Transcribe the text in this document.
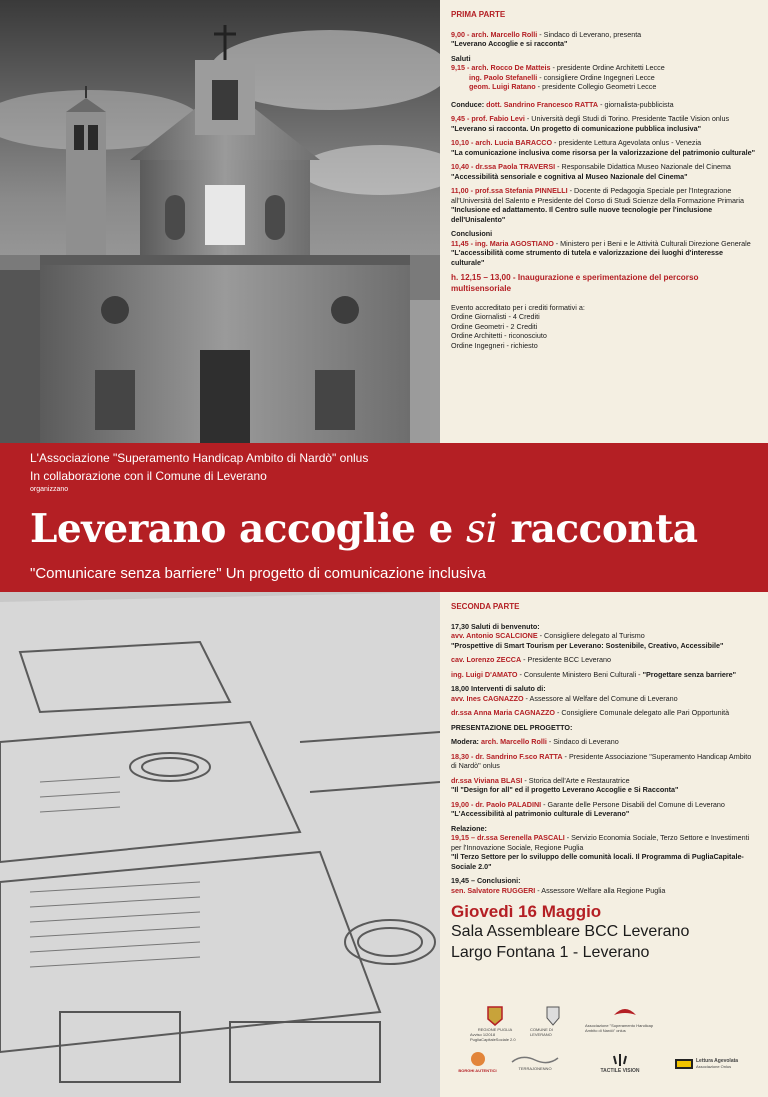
PRIMA PARTE
9,00 - arch. Marcello Rolli - Sindaco di Leverano, presenta
"Leverano Accoglie e si racconta"
Saluti
9,15 - arch. Rocco De Matteis - presidente Ordine Architetti Lecce
ing. Paolo Stefanelli - consigliere Ordine Ingegneri Lecce
geom. Luigi Ratano - presidente Collegio Geometri Lecce
Conduce: dott. Sandrino Francesco RATTA - giornalista-pubblicista
9,45 - prof. Fabio Levi - Università degli Studi di Torino. Presidente Tactile Vision onlus
"Leverano si racconta. Un progetto di comunicazione pubblica inclusiva"
10,10 - arch. Lucia BARACCO - presidente Lettura Agevolata onlus - Venezia
"La comunicazione inclusiva come risorsa per la valorizzazione del patrimonio culturale"
10,40 - dr.ssa Paola TRAVERSI - Responsabile Didattica Museo Nazionale del Cinema
"Accessibilità sensoriale e cognitiva al Museo Nazionale del Cinema"
11,00 - prof.ssa Stefania PINNELLI - Docente di Pedagogia Speciale per l'Integrazione all'Università del Salento e Presidente del Corso di Studi Scienze della Formazione Primaria
"Inclusione ed adattamento. Il Centro sulle nuove tecnologie per l'inclusione dell'Unisalento"
Conclusioni
11,45 - ing. Maria AGOSTIANO - Ministero per i Beni e le Attività Culturali Direzione Generale
"L'accessibilità come strumento di tutela e valorizzazione dei luoghi d'interesse culturale"
h. 12,15 – 13,00 - Inaugurazione e sperimentazione del percorso multisensoriale
Evento accreditato per i crediti formativi a:
Ordine Giornalisti - 4 Crediti
Ordine Geometri - 2 Crediti
Ordine Architetti - riconosciuto
Ordine Ingegneri - richiesto
L'Associazione "Superamento Handicap Ambito di Nardò" onlus
In collaborazione con il Comune di Leverano
organizzano
Leverano accoglie e si racconta
"Comunicare senza barriere" Un progetto di comunicazione inclusiva
SECONDA PARTE
17,30 Saluti di benvenuto:
avv. Antonio SCALCIONE - Consigliere delegato al Turismo
"Prospettive di Smart Tourism per Leverano: Sostenibile, Creativo, Accessibile"
cav. Lorenzo ZECCA - Presidente BCC Leverano
ing. Luigi D'AMATO - Consulente Ministero Beni Culturali - "Progettare senza barriere"
18,00 Interventi di saluto di:
avv. Ines CAGNAZZO - Assessore al Welfare del Comune di Leverano
dr.ssa Anna Maria CAGNAZZO - Consigliere Comunale delegato alle Pari Opportunità
PRESENTAZIONE DEL PROGETTO:
Modera: arch. Marcello Rolli - Sindaco di Leverano
18,30 - dr. Sandrino F.sco RATTA - Presidente Associazione "Superamento Handicap Ambito di Nardò" onlus
dr.ssa Viviana BLASI - Storica dell'Arte e Restauratrice
"Il "Design for all" ed il progetto Leverano Accoglie e Si Racconta"
19,00 - dr. Paolo PALADINI - Garante delle Persone Disabili del Comune di Leverano
"L'Accessibilità al patrimonio culturale di Leverano"
Relazione:
19,15 – dr.ssa Serenella PASCALI - Servizio Economia Sociale, Terzo Settore e Investimenti per l'Innovazione Sociale, Regione Puglia
"Il Terzo Settore per lo sviluppo delle comunità locali. Il Programma di PugliaCapitale-Sociale 2.0"
19,45 – Conclusioni:
sen. Salvatore RUGGERI - Assessore Welfare alla Regione Puglia
Giovedì 16 Maggio
Sala Assembleare BCC Leverano
Largo Fontana 1 - Leverano
REGIONE PUGLIA
Avviso 1/2018 PugliaCapitaleSociale 2.0
COMUNE DI LEVERANO
Associazione "Superamento Handicap Ambito di Nardò" onlus
BORGHI AUTENTICI	TERRAJONENNO	TACTILE VISION
Lettura Agevolata
Associazione Onlus
